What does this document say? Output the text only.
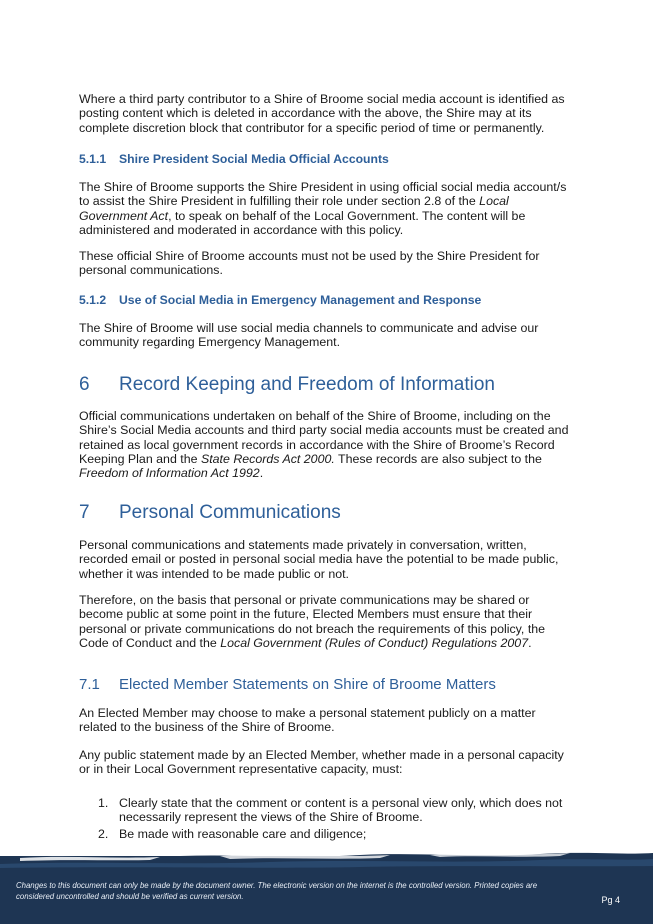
Where a third party contributor to a Shire of Broome social media account is identified as posting content which is deleted in accordance with the above, the Shire may at its complete discretion block that contributor for a specific period of time or permanently.

5.1.1 Shire President Social Media Official Accounts

The Shire of Broome supports the Shire President in using official social media account/s to assist the Shire President in fulfilling their role under section 2.8 of the Local Government Act, to speak on behalf of the Local Government. The content will be administered and moderated in accordance with this policy.

These official Shire of Broome accounts must not be used by the Shire President for personal communications.

5.1.2 Use of Social Media in Emergency Management and Response

The Shire of Broome will use social media channels to communicate and advise our community regarding Emergency Management.

6 Record Keeping and Freedom of Information

Official communications undertaken on behalf of the Shire of Broome, including on the Shire’s Social Media accounts and third party social media accounts must be created and retained as local government records in accordance with the Shire of Broome’s Record Keeping Plan and the State Records Act 2000. These records are also subject to the Freedom of Information Act 1992.

7 Personal Communications

Personal communications and statements made privately in conversation, written, recorded email or posted in personal social media have the potential to be made public, whether it was intended to be made public or not.

Therefore, on the basis that personal or private communications may be shared or become public at some point in the future, Elected Members must ensure that their personal or private communications do not breach the requirements of this policy, the Code of Conduct and the Local Government (Rules of Conduct) Regulations 2007.

7.1 Elected Member Statements on Shire of Broome Matters

An Elected Member may choose to make a personal statement publicly on a matter related to the business of the Shire of Broome.

Any public statement made by an Elected Member, whether made in a personal capacity or in their Local Government representative capacity, must:

1. Clearly state that the comment or content is a personal view only, which does not necessarily represent the views of the Shire of Broome.
2. Be made with reasonable care and diligence;
Changes to this document can only be made by the document owner. The electronic version on the internet is the controlled version. Printed copies are considered uncontrolled and should be verified as current version.	Pg 4
